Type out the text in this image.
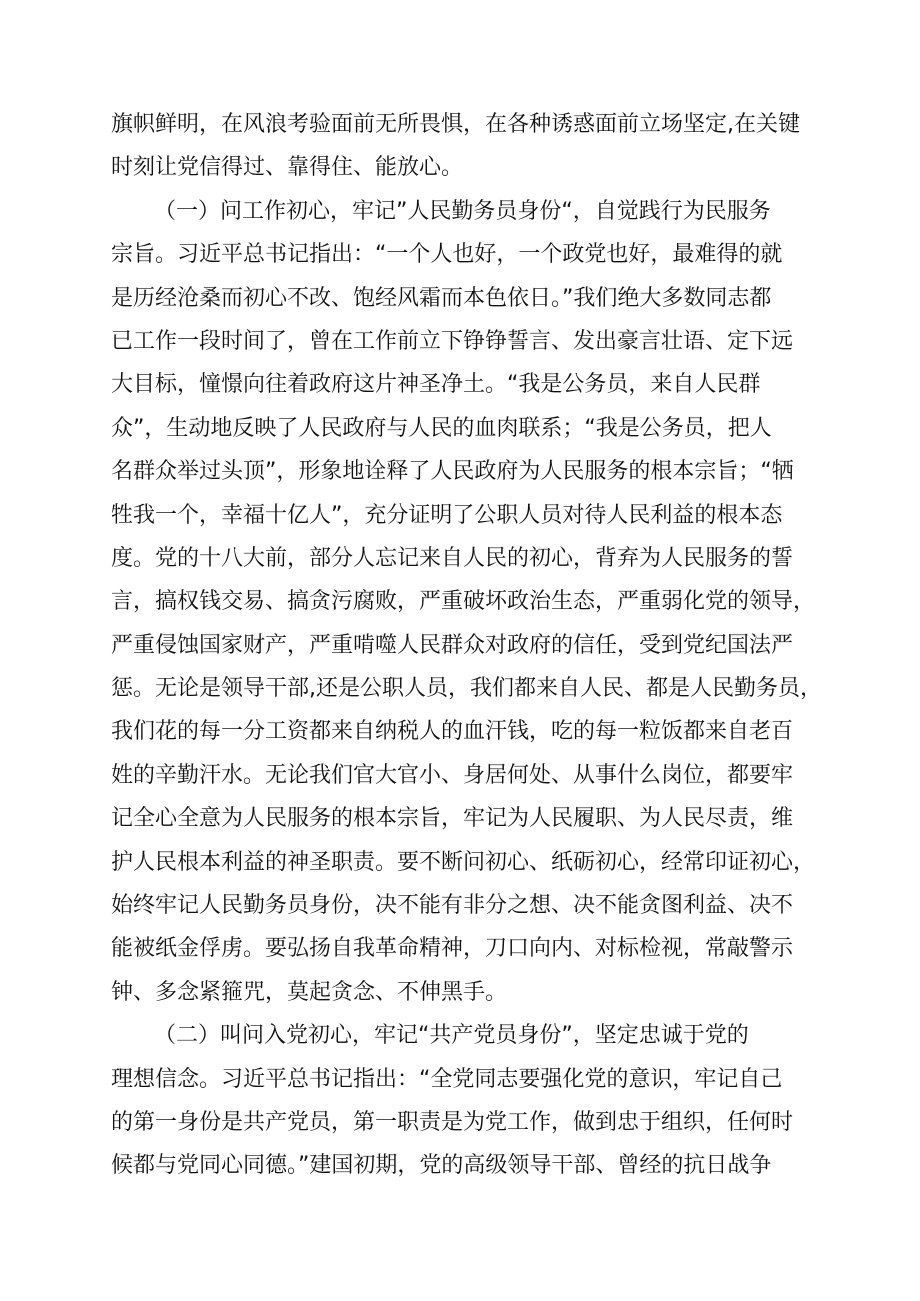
旗帜鲜明，在风浪考验面前无所畏惧，在各种诱惑面前立场坚定,在关键
时刻让党信得过、靠得住、能放心。
（一）问工作初心，牢记”人民勤务员身份“，自觉践行为民服务
宗旨。习近平总书记指出：“一个人也好，一个政党也好，最难得的就
是历经沧桑而初心不改、饱经风霜而本色依日。”我们绝大多数同志都
已工作一段时间了，曾在工作前立下铮铮誓言、发出豪言壮语、定下远
大目标，憧憬向往着政府这片神圣净土。“我是公务员，来自人民群
众”，生动地反映了人民政府与人民的血肉联系；“我是公务员，把人
名群众举过头顶”，形象地诠释了人民政府为人民服务的根本宗旨；“牺
牲我一个，幸福十亿人”，充分证明了公职人员对待人民利益的根本态
度。党的十八大前，部分人忘记来自人民的初心，背弃为人民服务的誓
言，搞权钱交易、搞贪污腐败，严重破坏政治生态，严重弱化党的领导，
严重侵蚀国家财产，严重啃噬人民群众对政府的信任，受到党纪国法严
惩。无论是领导干部,还是公职人员，我们都来自人民、都是人民勤务员，
我们花的每一分工资都来自纳税人的血汗钱，吃的每一粒饭都来自老百
姓的辛勤汗水。无论我们官大官小、身居何处、从事什么岗位，都要牢
记全心全意为人民服务的根本宗旨，牢记为人民履职、为人民尽责，维
护人民根本利益的神圣职责。要不断问初心、纸砺初心，经常印证初心，
始终牢记人民勤务员身份，决不能有非分之想、决不能贪图利益、决不
能被纸金俘虏。要弘扬自我革命精神，刀口向内、对标检视，常敲警示
钟、多念紧箍咒，莫起贪念、不伸黑手。
（二）叫问入党初心，牢记“共产党员身份”，坚定忠诚于党的
理想信念。习近平总书记指出：“全党同志要强化党的意识，牢记自己
的第一身份是共产党员，第一职责是为党工作，做到忠于组织，任何时
候都与党同心同德。”建国初期，党的高级领导干部、曾经的抗日战争
